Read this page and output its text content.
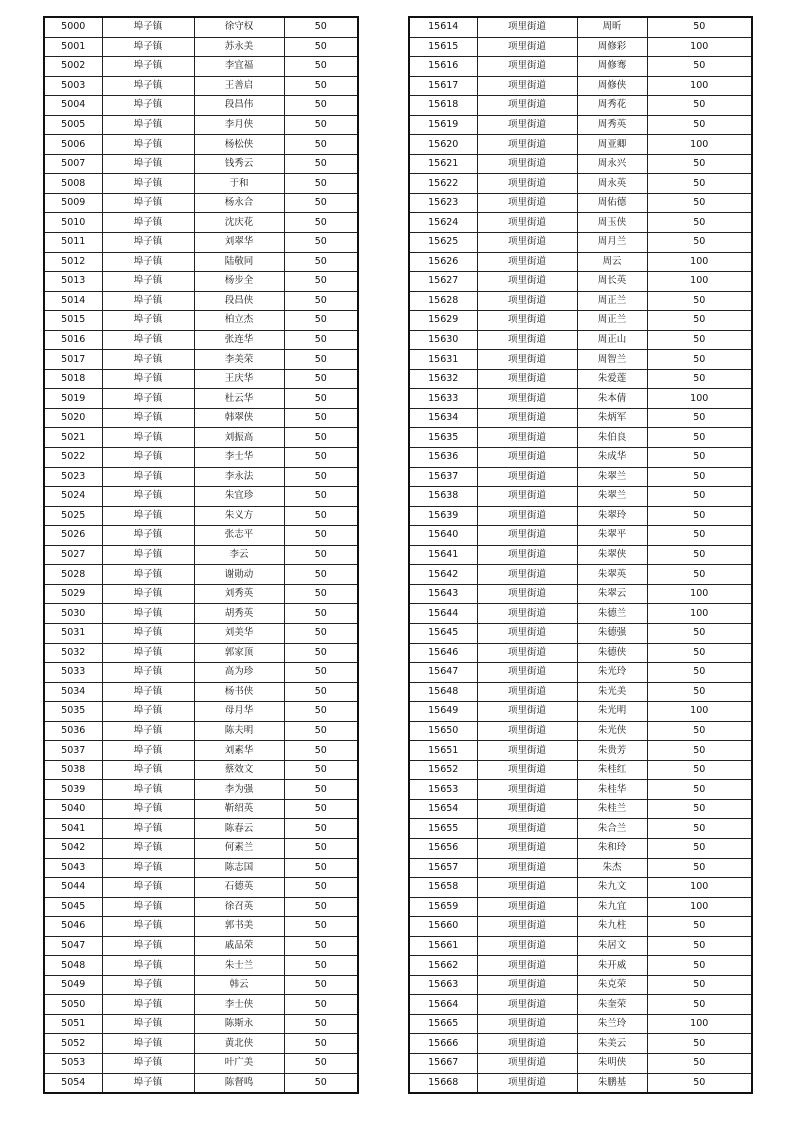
5000	埠子镇	徐守权	50
5001	埠子镇	苏永美	50
5002	埠子镇	李宜福	50
5003	埠子镇	王善启	50
5004	埠子镇	段昌伟	50
5005	埠子镇	李月侠	50
5006	埠子镇	杨松侠	50
5007	埠子镇	钱秀云	50
5008	埠子镇	于和	50
5009	埠子镇	杨永合	50
5010	埠子镇	沈庆花	50
5011	埠子镇	刘翠华	50
5012	埠子镇	陆敬同	50
5013	埠子镇	杨步全	50
5014	埠子镇	段昌侠	50
5015	埠子镇	柏立杰	50
5016	埠子镇	张连华	50
5017	埠子镇	李美荣	50
5018	埠子镇	王庆华	50
5019	埠子镇	杜云华	50
5020	埠子镇	韩翠侠	50
5021	埠子镇	刘振高	50
5022	埠子镇	李士华	50
5023	埠子镇	李永法	50
5024	埠子镇	朱宜珍	50
5025	埠子镇	朱义方	50
5026	埠子镇	张志平	50
5027	埠子镇	李云	50
5028	埠子镇	谢勋动	50
5029	埠子镇	刘秀英	50
5030	埠子镇	胡秀英	50
5031	埠子镇	刘美华	50
5032	埠子镇	郭家顶	50
5033	埠子镇	高为珍	50
5034	埠子镇	杨书侠	50
5035	埠子镇	母月华	50
5036	埠子镇	陈夫明	50
5037	埠子镇	刘素华	50
5038	埠子镇	蔡效文	50
5039	埠子镇	李为强	50
5040	埠子镇	靳绍英	50
5041	埠子镇	陈春云	50
5042	埠子镇	何素兰	50
5043	埠子镇	陈志国	50
5044	埠子镇	石德英	50
5045	埠子镇	徐召英	50
5046	埠子镇	郭书美	50
5047	埠子镇	戚品荣	50
5048	埠子镇	朱士兰	50
5049	埠子镇	韩云	50
5050	埠子镇	李士侠	50
5051	埠子镇	陈斯永	50
5052	埠子镇	黄北侠	50
5053	埠子镇	叶广美	50
5054	埠子镇	陈督鸣	50
15614	项里街道	周昕	50
15615	项里街道	周修彩	100
15616	项里街道	周修骞	50
15617	项里街道	周修侠	100
15618	项里街道	周秀花	50
15619	项里街道	周秀英	50
15620	项里街道	周亚卿	100
15621	项里街道	周永兴	50
15622	项里街道	周永英	50
15623	项里街道	周佑德	50
15624	项里街道	周玉侠	50
15625	项里街道	周月兰	50
15626	项里街道	周云	100
15627	项里街道	周长英	100
15628	项里街道	周正兰	50
15629	项里街道	周正兰	50
15630	项里街道	周正山	50
15631	项里街道	周智兰	50
15632	项里街道	朱爱莲	50
15633	项里街道	朱本倩	100
15634	项里街道	朱炳军	50
15635	项里街道	朱伯良	50
15636	项里街道	朱成华	50
15637	项里街道	朱翠兰	50
15638	项里街道	朱翠兰	50
15639	项里街道	朱翠玲	50
15640	项里街道	朱翠平	50
15641	项里街道	朱翠侠	50
15642	项里街道	朱翠英	50
15643	项里街道	朱翠云	100
15644	项里街道	朱德兰	100
15645	项里街道	朱德强	50
15646	项里街道	朱德侠	50
15647	项里街道	朱光玲	50
15648	项里街道	朱光美	50
15649	项里街道	朱光明	100
15650	项里街道	朱光侠	50
15651	项里街道	朱贵芳	50
15652	项里街道	朱桂红	50
15653	项里街道	朱桂华	50
15654	项里街道	朱桂兰	50
15655	项里街道	朱合兰	50
15656	项里街道	朱和玲	50
15657	项里街道	朱杰	50
15658	项里街道	朱九文	100
15659	项里街道	朱九宜	100
15660	项里街道	朱九柱	50
15661	项里街道	朱居文	50
15662	项里街道	朱开威	50
15663	项里街道	朱克荣	50
15664	项里街道	朱奎荣	50
15665	项里街道	朱兰玲	100
15666	项里街道	朱美云	50
15667	项里街道	朱明侠	50
15668	项里街道	朱鹏基	50
